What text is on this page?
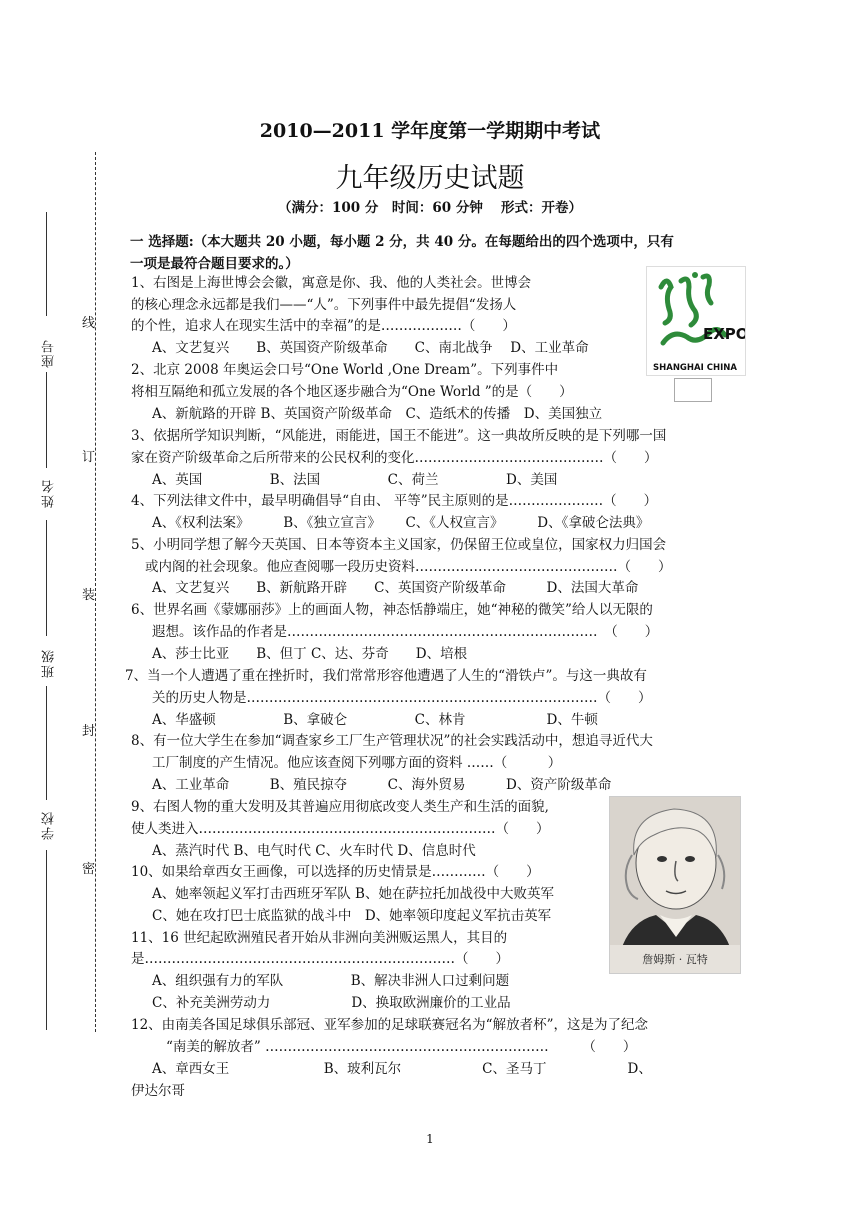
座号
姓名
班级
学校
线
订
装
封
密
2010—2011 学年度第一学期期中考试
九年级历史试题
（满分：100 分　时间：60 分钟　 形式：开卷）
一 选择题:（本大题共 20 小题，每小题 2 分，共 40 分。在每题给出的四个选项中，只有
一项是最符合题目要求的。）
1、右图是上海世博会会徽，寓意是你、我、他的人类社会。世博会
的核心理念永远都是我们——“人”。下列事件中最先提倡“发扬人
的个性，追求人在现实生活中的幸福”的是………………（　　）
A、文艺复兴　　B、英国资产阶级革命　　C、南北战争　 D、工业革命
2、北京 2008 年奥运会口号“One World ,One Dream”。下列事件中
将相互隔绝和孤立发展的各个地区逐步融合为“One World ”的是（　　）
A、新航路的开辟 B、英国资产阶级革命　C、造纸术的传播　D、美国独立
3、依据所学知识判断，“风能进，雨能进，国王不能进”。这一典故所反映的是下列哪一国
家在资产阶级革命之后所带来的公民权利的变化……………………………………（　　）
A、英国　　　　　B、法国　　　　　C、荷兰　　　　　D、美国
4、下列法律文件中，最早明确倡导“自由、 平等”民主原则的是…………………（　　）
A、《权利法案》　　　B、《独立宣言》　　 C、《人权宣言》　　　D、《拿破仑法典》
5、小明同学想了解今天英国、日本等资本主义国家，仍保留王位或皇位，国家权力归国会
或内阁的社会现象。他应查阅哪一段历史资料………………………………………（　　）
A、文艺复兴　　B、新航路开辟　　C、英国资产阶级革命　　　D、法国大革命
6、世界名画《蒙娜丽莎》上的画面人物，神态恬静端庄，她“神秘的微笑”给人以无限的
遐想。该作品的作者是……………………………………………………………　（　　）
A、莎士比亚　　B、但丁 C、达、芬奇　　D、培根
7、当一个人遭遇了重在挫折时，我们常常形容他遭遇了人生的“滑铁卢”。与这一典故有
关的历史人物是……………………………………………………………………（　　）
A、华盛顿　　　　　B、拿破仑　　　　　C、林肯　　　　　　D、牛顿
8、有一位大学生在参加“调查家乡工厂生产管理状况”的社会实践活动中，想追寻近代大
工厂制度的产生情况。他应该查阅下列哪方面的资料 ……（　　　）
A、工业革命　　　B、殖民掠夺　　　C、海外贸易　　　D、资产阶级革命
9、右图人物的重大发明及其普遍应用彻底改变人类生产和生活的面貌,
使人类进入…………………………………………………………（　　）
A、蒸汽时代 B、电气时代 C、火车时代 D、信息时代
10、如果给章西女王画像，可以选择的历史情景是…………（　　）
A、她率领起义军打击西班牙军队 B、她在萨拉托加战役中大败英军
C、她在攻打巴士底监狱的战斗中　D、她率领印度起义军抗击英军
11、16 世纪起欧洲殖民者开始从非洲向美洲贩运黑人，其目的
是……………………………………………………………（　　）
A、组织强有力的军队　　　　　B、解决非洲人口过剩问题
C、补充美洲劳动力　　　　　　D、换取欧洲廉价的工业品
12、由南美各国足球俱乐部冠、亚军参加的足球联赛冠名为“解放者杯”，这是为了纪念
“南美的解放者” ………………………………………………………　　　（　　）
A、章西女王　　　　　　　B、玻利瓦尔　　　　　　C、圣马丁　　　　　　D、
伊达尔哥
EXPO
SHANGHAI CHINA
詹姆斯 · 瓦特
1
